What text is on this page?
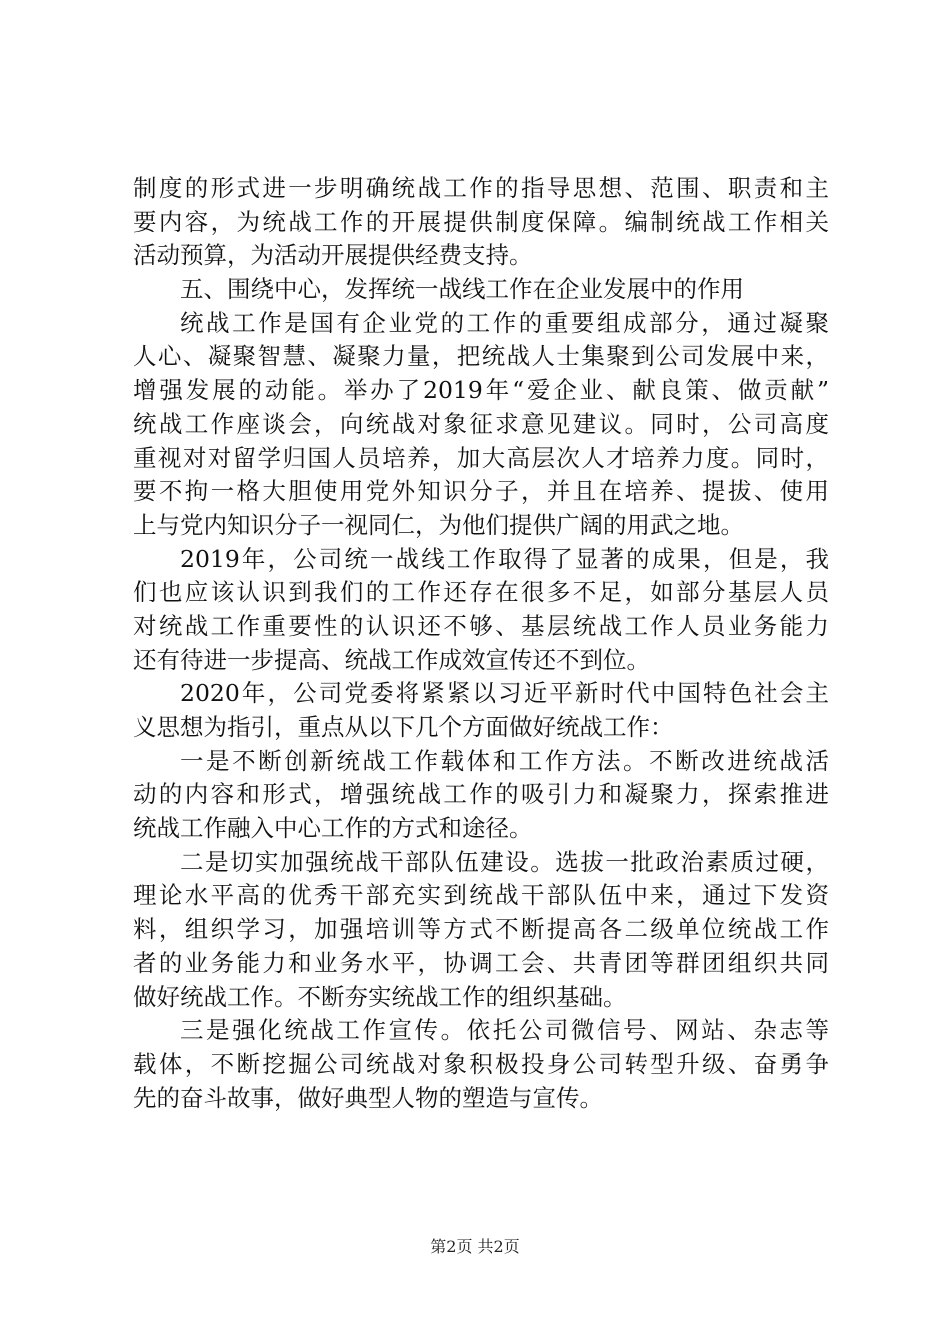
制度的形式进一步明确统战工作的指导思想、范围、职责和主
要内容，为统战工作的开展提供制度保障。编制统战工作相关
活动预算，为活动开展提供经费支持。
五、围绕中心，发挥统一战线工作在企业发展中的作用
统战工作是国有企业党的工作的重要组成部分，通过凝聚
人心、凝聚智慧、凝聚力量，把统战人士集聚到公司发展中来，
增强发展的动能。举办了2019年“爱企业、献良策、做贡献”
统战工作座谈会，向统战对象征求意见建议。同时，公司高度
重视对对留学归国人员培养，加大高层次人才培养力度。同时，
要不拘一格大胆使用党外知识分子，并且在培养、提拔、使用
上与党内知识分子一视同仁，为他们提供广阔的用武之地。
2019年，公司统一战线工作取得了显著的成果，但是，我
们也应该认识到我们的工作还存在很多不足，如部分基层人员
对统战工作重要性的认识还不够、基层统战工作人员业务能力
还有待进一步提高、统战工作成效宣传还不到位。
2020年，公司党委将紧紧以习近平新时代中国特色社会主
义思想为指引，重点从以下几个方面做好统战工作：
一是不断创新统战工作载体和工作方法。不断改进统战活
动的内容和形式，增强统战工作的吸引力和凝聚力，探索推进
统战工作融入中心工作的方式和途径。
二是切实加强统战干部队伍建设。选拔一批政治素质过硬，
理论水平高的优秀干部充实到统战干部队伍中来，通过下发资
料，组织学习，加强培训等方式不断提高各二级单位统战工作
者的业务能力和业务水平，协调工会、共青团等群团组织共同
做好统战工作。不断夯实统战工作的组织基础。
三是强化统战工作宣传。依托公司微信号、网站、杂志等
载体，不断挖掘公司统战对象积极投身公司转型升级、奋勇争
先的奋斗故事，做好典型人物的塑造与宣传。
第2页 共2页
